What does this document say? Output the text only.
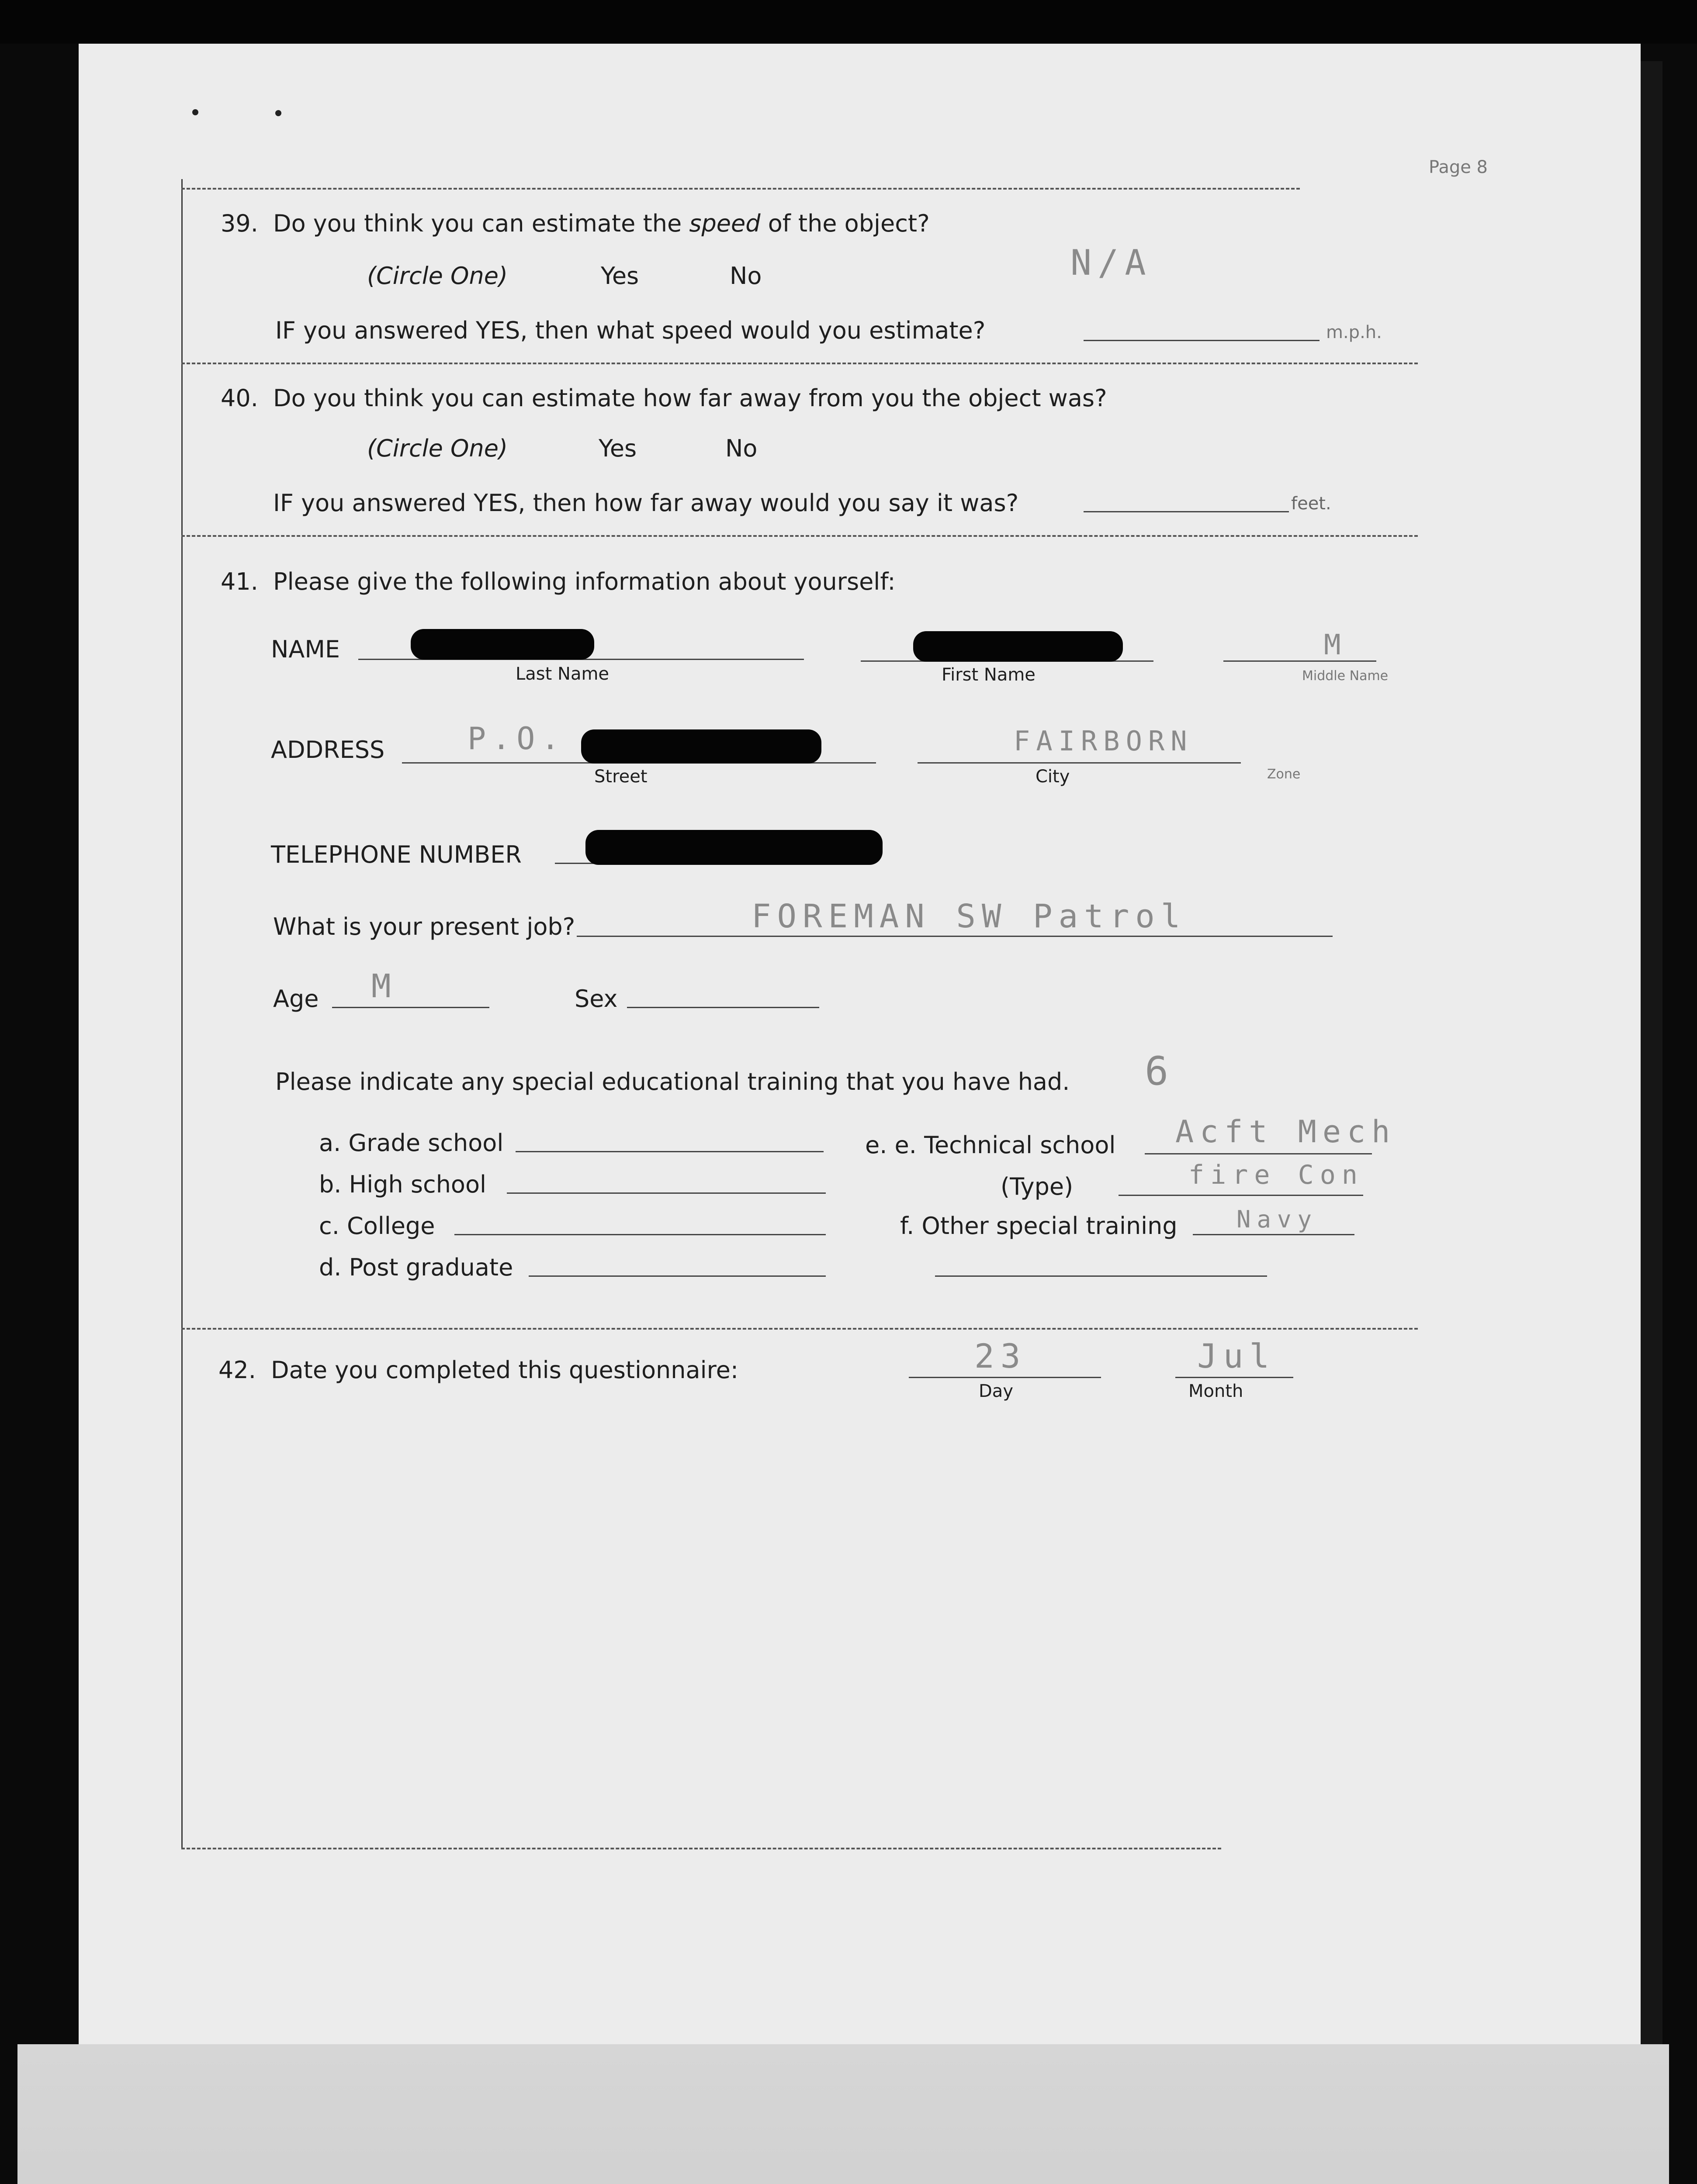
Page 8
39. Do you think you can estimate the speed of the object?
(Circle One)	Yes	No	N/A
IF you answered YES, then what speed would you estimate?	m.p.h.
40. Do you think you can estimate how far away from you the object was?
(Circle One)	Yes	No
IF you answered YES, then how far away would you say it was?	feet.
41. Please give the following information about yourself:
NAME
Last Name	First Name
M
Middle Name
ADDRESS	P.O.
Street
FAIRBORN
City	Zone
TELEPHONE NUMBER
What is your present job?	FOREMAN SW Patrol
Age M	Sex
Please indicate any special educational training that you have had. 6
a. Grade school
b. High school
c. College
d. Post graduate
e. e. Technical school Acft Mech
(Type)	fire Con
f. Other special training	Navy
42. Date you completed this questionnaire:	23
Day
Jul
Month
